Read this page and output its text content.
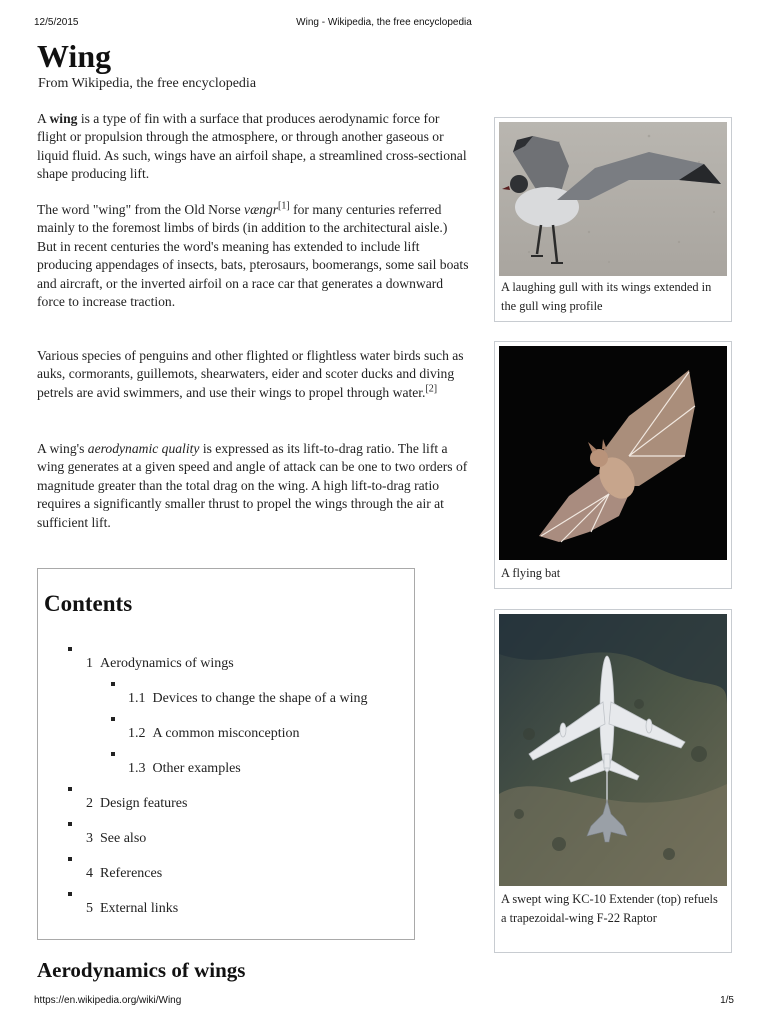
12/5/2015	Wing - Wikipedia, the free encyclopedia
Wing
From Wikipedia, the free encyclopedia

A wing is a type of fin with a surface that produces aerodynamic force for flight or propulsion through the atmosphere, or through another gaseous or liquid fluid. As such, wings have an airfoil shape, a streamlined cross-sectional shape producing lift.

The word "wing" from the Old Norse vængr[1] for many centuries referred mainly to the foremost limbs of birds (in addition to the architectural aisle.) But in recent centuries the word's meaning has extended to include lift producing appendages of insects, bats, pterosaurs, boomerangs, some sail boats and aircraft, or the inverted airfoil on a race car that generates a downward force to increase traction.

Various species of penguins and other flighted or flightless water birds such as auks, cormorants, guillemots, shearwaters, eider and scoter ducks and diving petrels are avid swimmers, and use their wings to propel through water.[2]

A wing's aerodynamic quality is expressed as its lift-to-drag ratio. The lift a wing generates at a given speed and angle of attack can be one to two orders of magnitude greater than the total drag on the wing. A high lift-to-drag ratio requires a significantly smaller thrust to propel the wings through the air at sufficient lift.

Contents
1 Aerodynamics of wings
1.1 Devices to change the shape of a wing
1.2 A common misconception
1.3 Other examples
2 Design features
3 See also
4 References
5 External links
A laughing gull with its wings extended in the gull wing profile
A flying bat
A swept wing KC-10 Extender (top) refuels a trapezoidal-wing F-22 Raptor
Aerodynamics of wings
https://en.wikipedia.org/wiki/Wing	1/5
